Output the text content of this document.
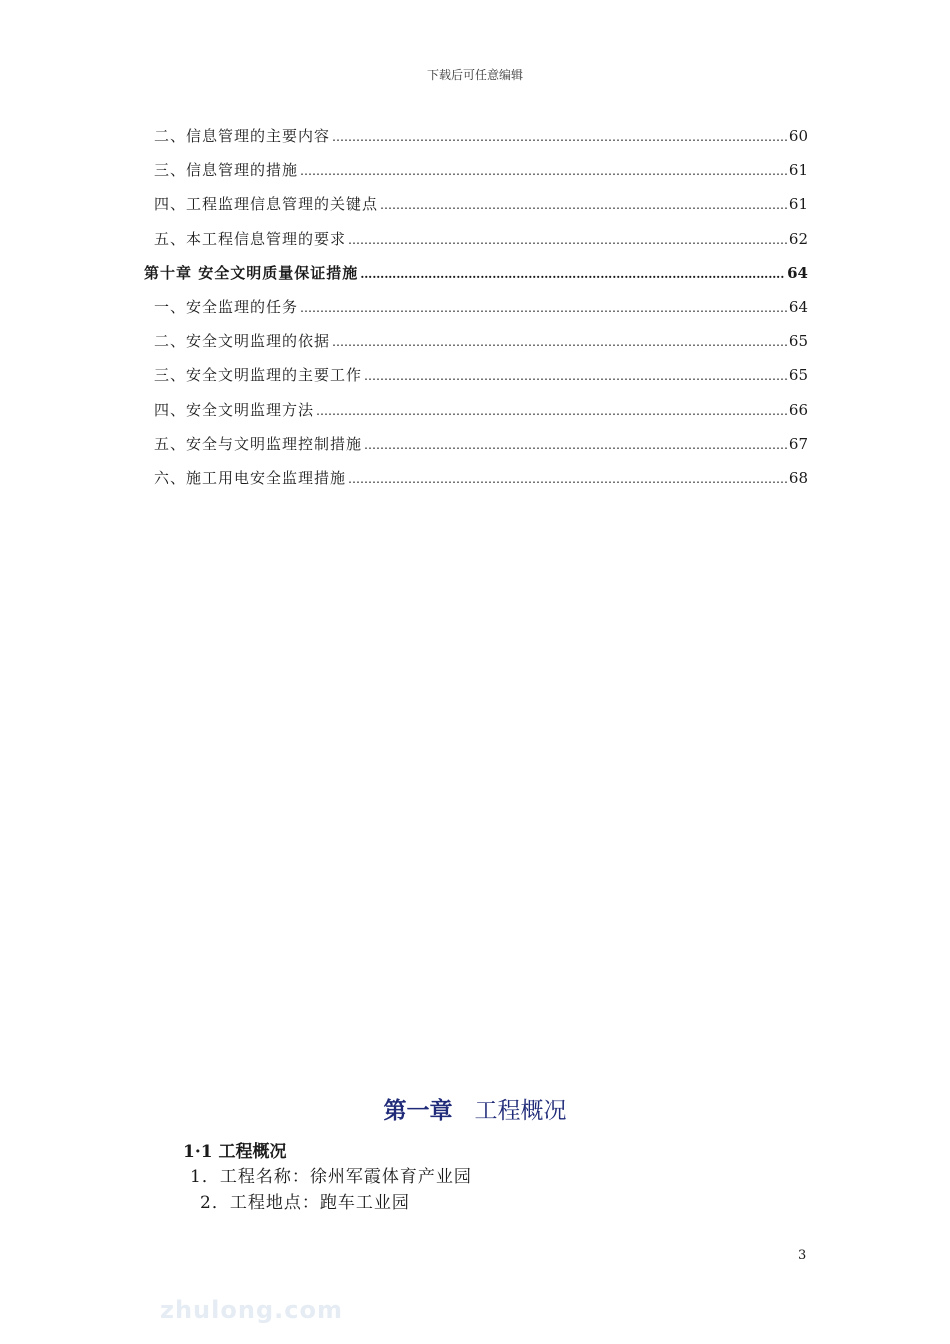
下载后可任意编辑
二、信息管理的主要内容 ……………………………………………………………………………………………………………………………………………………………………………………………………………	60
三、信息管理的措施 ……………………………………………………………………………………………………………………………………………………………………………………………………………	61
四、工程监理信息管理的关键点 ……………………………………………………………………………………………………………………………………………………………………………………………………………	61
五、本工程信息管理的要求 ……………………………………………………………………………………………………………………………………………………………………………………………………………	62
第十章 安全文明质量保证措施 ……………………………………………………………………………………………………………………………………………………………………………………………………………	64
一、安全监理的任务 ……………………………………………………………………………………………………………………………………………………………………………………………………………	64
二、安全文明监理的依据 ……………………………………………………………………………………………………………………………………………………………………………………………………………	65
三、安全文明监理的主要工作 ……………………………………………………………………………………………………………………………………………………………………………………………………………	65
四、安全文明监理方法 ……………………………………………………………………………………………………………………………………………………………………………………………………………	66
五、安全与文明监理控制措施 ……………………………………………………………………………………………………………………………………………………………………………………………………………	67
六、施工用电安全监理措施 ……………………………………………………………………………………………………………………………………………………………………………………………………………	68
第一章 工程概况
1·1 工程概况
1．工程名称：徐州军霞体育产业园
2．工程地点：跑车工业园
3
zhulong.com
